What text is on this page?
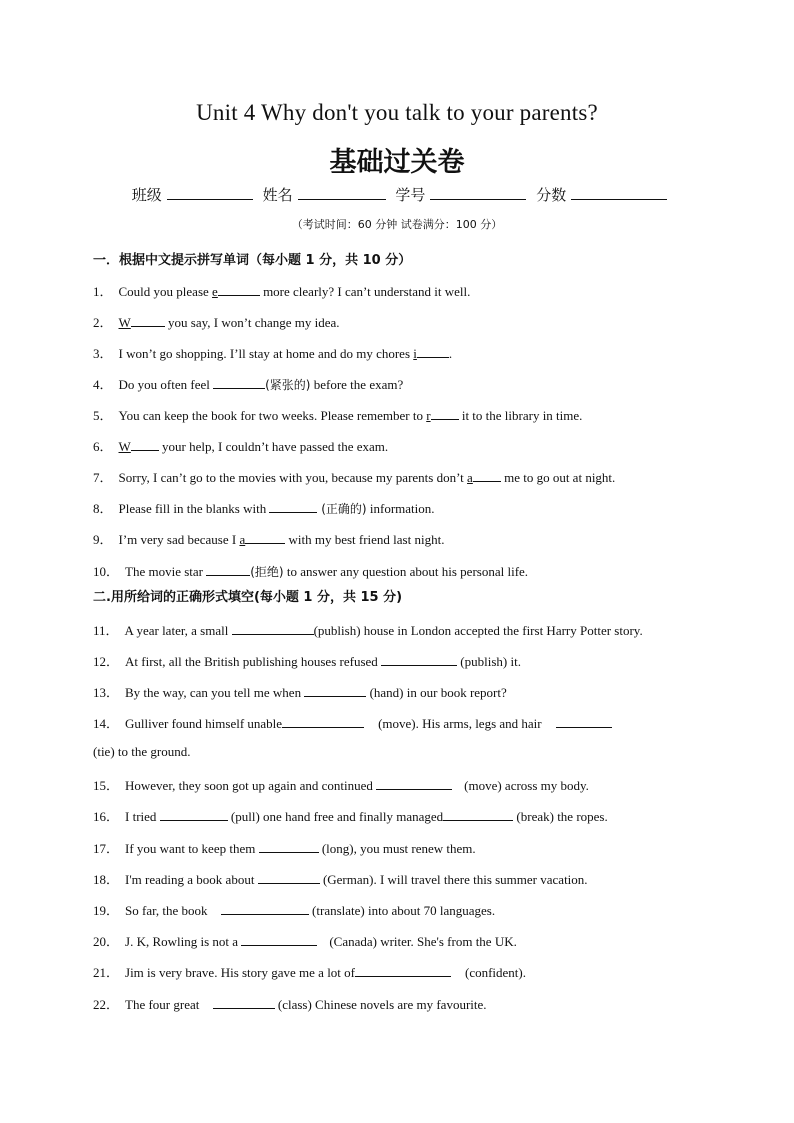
Unit 4 Why don't you talk to your parents?
基础过关卷
班级	姓名	学号	分数
（考试时间：60 分钟 试卷满分：100 分）
一．根据中文提示拼写单词（每小题 1 分，共 10 分）
1． Could you please e	more clearly? I can’t understand it well.
2． W	you say, I won’t change my idea.
3． I won’t go shopping. I’ll stay at home and do my chores i .
4． Do you often feel	(紧张的) before the exam?
5． You can keep the book for two weeks. Please remember to r it to the library in time.
6． W your help, I couldn’t have passed the exam.
7． Sorry, I can’t go to the movies with you, because my parents don’t a me to go out at night.
8． Please fill in the blanks with	(正确的) information.
9． I’m very sad because I a	with my best friend last night.
10． The movie star	(拒绝) to answer any question about his personal life.
二.用所给词的正确形式填空(每小题 1 分，共 15 分)
11． A year later, a small	(publish) house in London accepted the first Harry Potter story.
12． At first, all the British publishing houses refused	(publish) it.
13． By the way, can you tell me when	(hand) in our book report?
14． Gulliver found himself unable	(move). His arms, legs and hair
(tie) to the ground.
15． However, they soon got up again and continued	(move) across my body.
16． I tried	(pull) one hand free and finally managed	(break) the ropes.
17． If you want to keep them	(long), you must renew them.
18． I'm reading a book about	(German). I will travel there this summer vacation.
19． So far, the book	(translate) into about 70 languages.
20． J. K, Rowling is not a	(Canada) writer. She's from the UK.
21． Jim is very brave. His story gave me a lot of	(confident).
22． The four great	(class) Chinese novels are my favourite.
